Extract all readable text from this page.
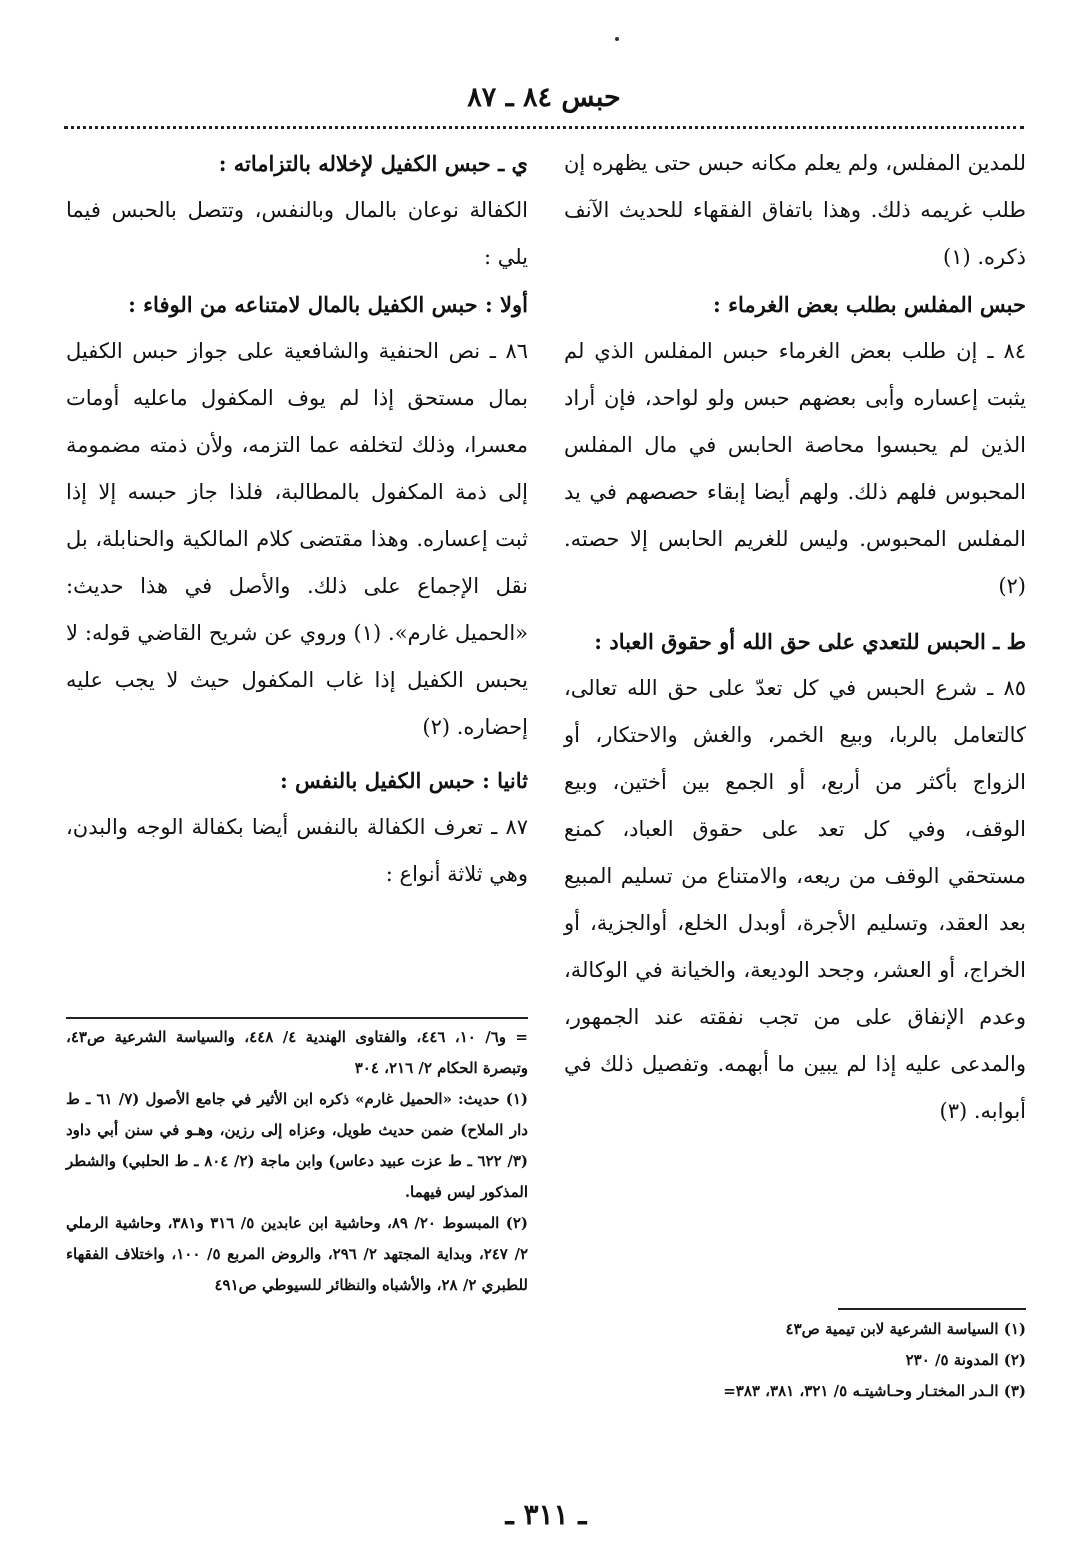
حبس ٨٤ ـ ٨٧

للمدين المفلس، ولم يعلم مكانه حبس حتى يظهره إن طلب غريمه ذلك. وهذا باتفاق الفقهاء للحديث الآنف ذكره. (١)

حبس المفلس بطلب بعض الغرماء :

٨٤ ـ إن طلب بعض الغرماء حبس المفلس الذي لم يثبت إعساره وأبى بعضهم حبس ولو لواحد، فإن أراد الذين لم يحبسوا محاصة الحابس في مال المفلس المحبوس فلهم ذلك. ولهم أيضا إبقاء حصصهم في يد المفلس المحبوس. وليس للغريم الحابس إلا حصته. (٢)

ط ـ الحبس للتعدي على حق الله أو حقوق العباد :

٨٥ ـ شرع الحبس في كل تعدّ على حق الله تعالى، كالتعامل بالربا، وبيع الخمر، والغش والاحتكار، أو الزواج بأكثر من أربع، أو الجمع بين أختين، وبيع الوقف، وفي كل تعد على حقوق العباد، كمنع مستحقي الوقف من ريعه، والامتناع من تسليم المبيع بعد العقد، وتسليم الأجرة، أوبدل الخلع، أوالجزية، أو الخراج، أو العشر، وجحد الوديعة، والخيانة في الوكالة، وعدم الإنفاق على من تجب نفقته عند الجمهور، والمدعى عليه إذا لم يبين ما أبهمه. وتفصيل ذلك في أبوابه. (٣)

(١) السياسة الشرعية لابن تيمية ص٤٣

(٢) المدونة ٥/ ٢٣٠

(٣) الـدر المختـار وحـاشيتـه ٥/ ٣٢١، ٣٨١، ٣٨٣=

ي ـ حبس الكفيل لإخلاله بالتزاماته :

الكفالة نوعان بالمال وبالنفس، وتتصل بالحبس فيما يلي :

أولا : حبس الكفيل بالمال لامتناعه من الوفاء :

٨٦ ـ نص الحنفية والشافعية على جواز حبس الكفيل بمال مستحق إذا لم يوف المكفول ماعليه أومات معسرا، وذلك لتخلفه عما التزمه، ولأن ذمته مضمومة إلى ذمة المكفول بالمطالبة، فلذا جاز حبسه إلا إذا ثبت إعساره. وهذا مقتضى كلام المالكية والحنابلة، بل نقل الإجماع على ذلك. والأصل في هذا حديث: «الحميل غارم». (١) وروي عن شريح القاضي قوله: لا يحبس الكفيل إذا غاب المكفول حيث لا يجب عليه إحضاره. (٢)

ثانيا : حبس الكفيل بالنفس :

٨٧ ـ تعرف الكفالة بالنفس أيضا بكفالة الوجه والبدن، وهي ثلاثة أنواع :

= و٦/ ١٠، ٤٤٦، والفتاوى الهندية ٤/ ٤٤٨، والسياسة الشرعية ص٤٣، وتبصرة الحكام ٢/ ٢١٦، ٣٠٤

(١) حديث: «الحميل غارم» ذكره ابن الأثير في جامع الأصول (٧/ ٦١ ـ ط دار الملاح) ضمن حديث طويل، وعزاه إلى رزين، وهـو في سنن أبي داود (٣/ ٦٢٢ ـ ط عزت عبيد دعاس) وابن ماجة (٢/ ٨٠٤ ـ ط الحلبي) والشطر المذكور ليس فيهما.

(٢) المبسوط ٢٠/ ٨٩، وحاشية ابن عابدين ٥/ ٣١٦ و٣٨١، وحاشية الرملي ٢/ ٢٤٧، وبداية المجتهد ٢/ ٢٩٦، والروض المربع ٥/ ١٠٠، واختلاف الفقهاء للطبري ٢/ ٢٨، والأشباه والنظائر للسيوطي ص٤٩١

ـ ٣١١ ـ
